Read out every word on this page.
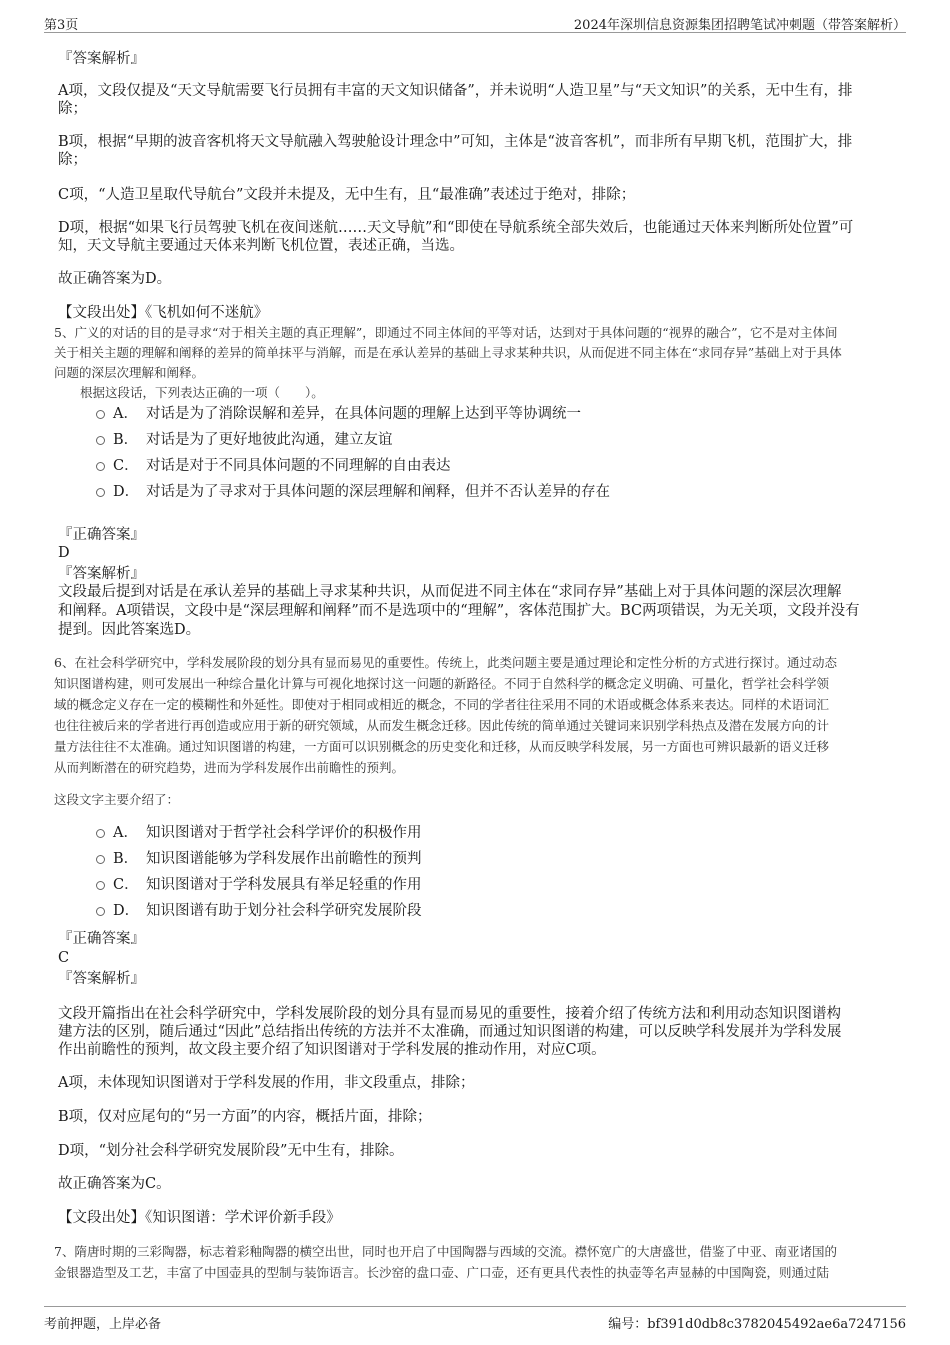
第3页	2024年深圳信息资源集团招聘笔试冲刺题（带答案解析）
『答案解析』
A项，文段仅提及“天文导航需要飞行员拥有丰富的天文知识储备”，并未说明“人造卫星”与“天文知识”的关系，无中生有，排
除；
B项，根据“早期的波音客机将天文导航融入驾驶舱设计理念中”可知，主体是“波音客机”，而非所有早期飞机，范围扩大，排
除；
C项，“人造卫星取代导航台”文段并未提及，无中生有，且“最准确”表述过于绝对，排除；
D项，根据“如果飞行员驾驶飞机在夜间迷航……天文导航”和“即使在导航系统全部失效后，也能通过天体来判断所处位置”可
知，天文导航主要通过天体来判断飞机位置，表述正确，当选。
故正确答案为D。
【文段出处】《飞机如何不迷航》
5、广义的对话的目的是寻求“对于相关主题的真正理解”，即通过不同主体间的平等对话，达到对于具体问题的“视界的融合”，它不是对主体间
关于相关主题的理解和阐释的差异的简单抹平与消解，而是在承认差异的基础上寻求某种共识，从而促进不同主体在“求同存异”基础上对于具体
问题的深层次理解和阐释。
根据这段话，下列表达正确的一项（　　）。
A． 对话是为了消除误解和差异，在具体问题的理解上达到平等协调统一
B． 对话是为了更好地彼此沟通，建立友谊
C． 对话是对于不同具体问题的不同理解的自由表达
D． 对话是为了寻求对于具体问题的深层理解和阐释，但并不否认差异的存在
『正确答案』
D
『答案解析』
文段最后提到对话是在承认差异的基础上寻求某种共识，从而促进不同主体在“求同存异”基础上对于具体问题的深层次理解
和阐释。A项错误，文段中是“深层理解和阐释”而不是选项中的“理解”，客体范围扩大。BC两项错误，为无关项，文段并没有
提到。因此答案选D。
6、在社会科学研究中，学科发展阶段的划分具有显而易见的重要性。传统上，此类问题主要是通过理论和定性分析的方式进行探讨。通过动态
知识图谱构建，则可发展出一种综合量化计算与可视化地探讨这一问题的新路径。不同于自然科学的概念定义明确、可量化，哲学社会科学领
域的概念定义存在一定的模糊性和外延性。即使对于相同或相近的概念，不同的学者往往采用不同的术语或概念体系来表达。同样的术语词汇
也往往被后来的学者进行再创造或应用于新的研究领域，从而发生概念迁移。因此传统的简单通过关键词来识别学科热点及潜在发展方向的计
量方法往往不太准确。通过知识图谱的构建，一方面可以识别概念的历史变化和迁移，从而反映学科发展，另一方面也可辨识最新的语义迁移
从而判断潜在的研究趋势，进而为学科发展作出前瞻性的预判。
这段文字主要介绍了：
A． 知识图谱对于哲学社会科学评价的积极作用
B． 知识图谱能够为学科发展作出前瞻性的预判
C． 知识图谱对于学科发展具有举足轻重的作用
D． 知识图谱有助于划分社会科学研究发展阶段
『正确答案』
C
『答案解析』
文段开篇指出在社会科学研究中，学科发展阶段的划分具有显而易见的重要性，接着介绍了传统方法和利用动态知识图谱构
建方法的区别，随后通过“因此”总结指出传统的方法并不太准确，而通过知识图谱的构建，可以反映学科发展并为学科发展
作出前瞻性的预判，故文段主要介绍了知识图谱对于学科发展的推动作用，对应C项。
A项，未体现知识图谱对于学科发展的作用，非文段重点，排除；
B项，仅对应尾句的“另一方面”的内容，概括片面，排除；
D项，“划分社会科学研究发展阶段”无中生有，排除。
故正确答案为C。
【文段出处】《知识图谱：学术评价新手段》
7、隋唐时期的三彩陶器，标志着彩釉陶器的横空出世，同时也开启了中国陶器与西域的交流。襟怀宽广的大唐盛世，借鉴了中亚、南亚诸国的
金银器造型及工艺，丰富了中国壶具的型制与装饰语言。长沙窑的盘口壶、广口壶，还有更具代表性的执壶等名声显赫的中国陶瓷，则通过陆
考前押题，上岸必备	编号：bf391d0db8c3782045492ae6a7247156
